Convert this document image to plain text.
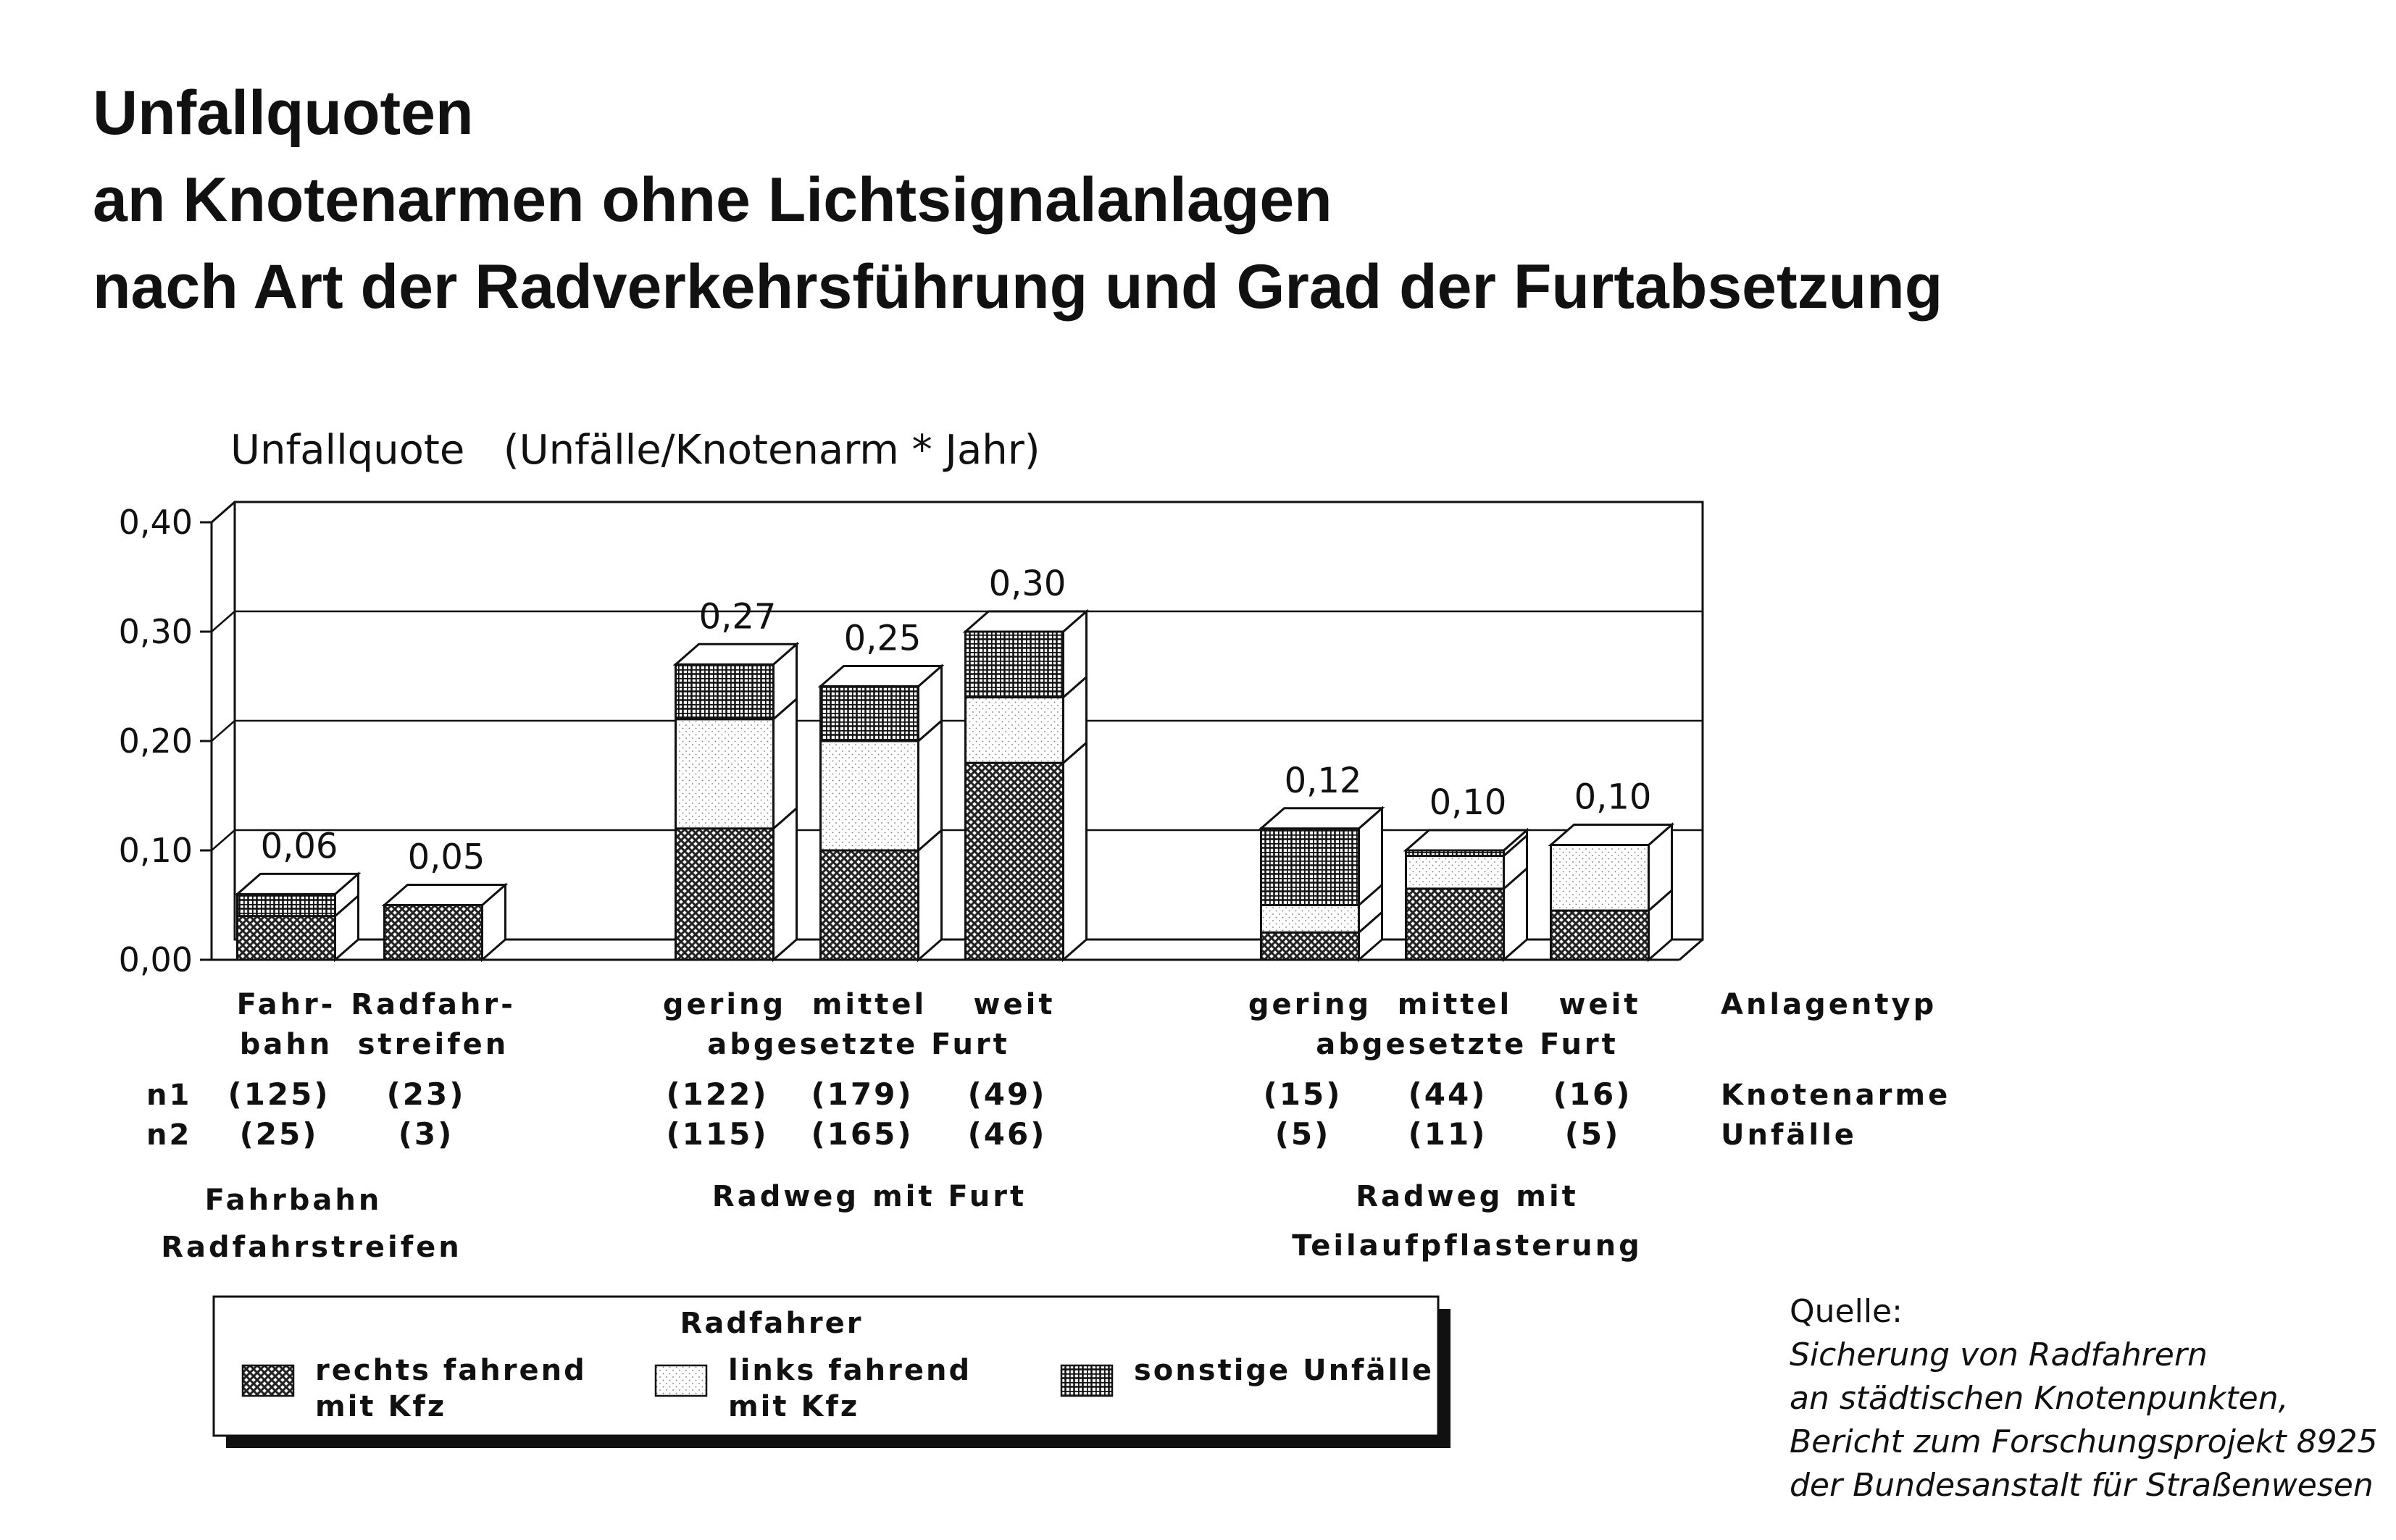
Unfallquoten
an Knotenarmen ohne Lichtsignalanlagen
nach Art der Radverkehrsführung und Grad der Furtabsetzung
Unfallquote   (Unfälle/Knotenarm * Jahr)
0,00
0,10
0,20
0,30
0,40
0,06 0,05
0,27
0,25
0,30
0,12
0,10 0,10
Fahr-
bahn
(125)
(25)
Radfahr-
streifen
(23)
(3)
gering
(122)
(115)
mittel
(179)
(165)
weit
(49)
(46)
gering
(15)
(5)
mittel
(44)
(11)
weit
(16)
(5)
abgesetzte Furt	abgesetzte Furt
n1
n2
Anlagentyp
Knotenarme
Unfälle
Fahrbahn
Radfahrstreifen
Radweg mit Furt	Radweg mit
Teilaufpflasterung
Radfahrer
rechts fahrend
mit Kfz
links fahrend
mit Kfz
sonstige Unfälle
Quelle:
Sicherung von Radfahrern
an städtischen Knotenpunkten,
Bericht zum Forschungsprojekt 8925
der Bundesanstalt für Straßenwesen
